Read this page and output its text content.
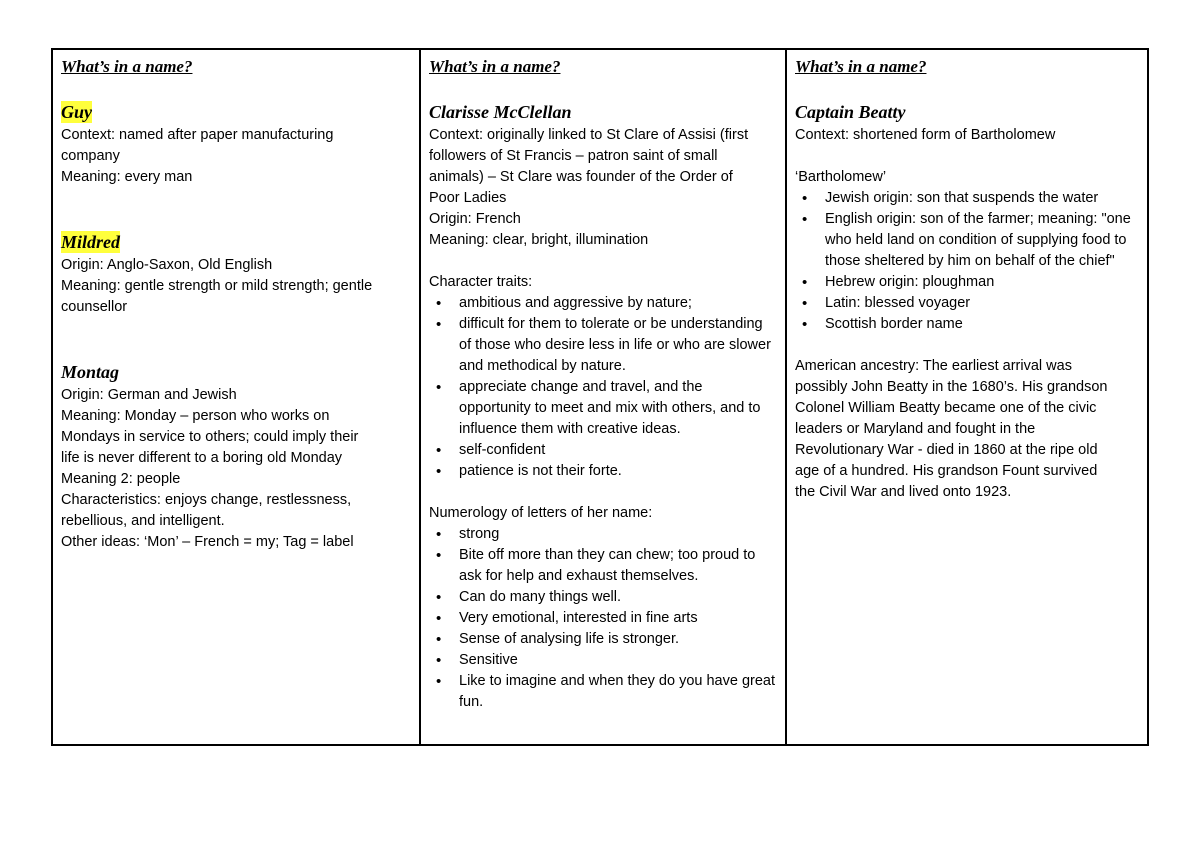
What’s in a name?

Guy

Context: named after paper manufacturing

company

Meaning: every man

Mildred

Origin: Anglo-Saxon, Old English

Meaning: gentle strength or mild strength; gentle

counsellor

Montag

Origin: German and Jewish

Meaning: Monday – person who works on

Mondays in service to others; could imply their

life is never different to a boring old Monday

Meaning 2: people

Characteristics: enjoys change, restlessness,

rebellious, and intelligent.

Other ideas: ‘Mon’ – French = my; Tag = label

What’s in a name?

Clarisse McClellan

Context: originally linked to St Clare of Assisi (first

followers of St Francis – patron saint of small

animals) – St Clare was founder of the Order of

Poor Ladies

Origin: French

Meaning: clear, bright, illumination

Character traits:

• ambitious and aggressive by nature;
• difficult for them to tolerate or be understanding of those who desire less in life or who are slower and methodical by nature.
• appreciate change and travel, and the opportunity to meet and mix with others, and to influence them with creative ideas.
• self-confident
• patience is not their forte.

Numerology of letters of her name:

• strong
• Bite off more than they can chew; too proud to ask for help and exhaust themselves.
• Can do many things well.
• Very emotional, interested in fine arts
• Sense of analysing life is stronger.
• Sensitive
• Like to imagine and when they do you have great fun.

What’s in a name?

Captain Beatty

Context: shortened form of Bartholomew

‘Bartholomew’

• Jewish origin: son that suspends the water
• English origin: son of the farmer; meaning: "one who held land on condition of supplying food to those sheltered by him on behalf of the chief"
• Hebrew origin: ploughman
• Latin: blessed voyager
• Scottish border name

American ancestry: The earliest arrival was

possibly John Beatty in the 1680’s. His grandson

Colonel William Beatty became one of the civic

leaders or Maryland and fought in the

Revolutionary War - died in 1860 at the ripe old

age of a hundred. His grandson Fount survived

the Civil War and lived onto 1923.
